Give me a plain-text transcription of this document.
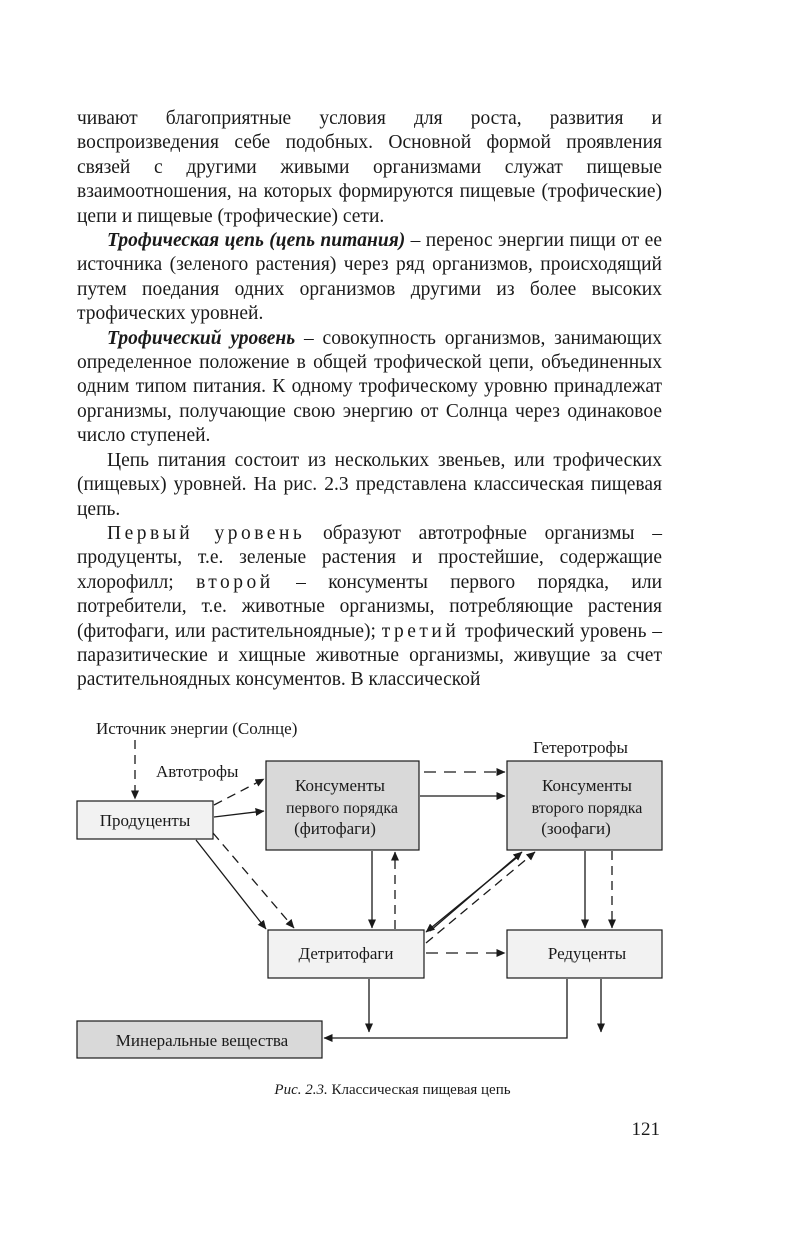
чивают благоприятные условия для роста, развития и воспроизведения себе подобных. Основной формой проявления связей с другими живыми организмами служат пищевые взаимоотношения, на которых формируются пищевые (трофические) цепи и пищевые (трофические) сети.

Трофическая цепь (цепь питания) – перенос энергии пищи от ее источника (зеленого растения) через ряд организмов, происходящий путем поедания одних организмов другими из более высоких трофических уровней.

Трофический уровень – совокупность организмов, занимающих определенное положение в общей трофической цепи, объединенных одним типом питания. К одному трофическому уровню принадлежат организмы, получающие свою энергию от Солнца через одинаковое число ступеней.

Цепь питания состоит из нескольких звеньев, или трофических (пищевых) уровней. На рис. 2.3 представлена классическая пищевая цепь.

Первый уровень образуют автотрофные организмы – продуценты, т.е. зеленые растения и простейшие, содержащие хлорофилл; второй – консументы первого порядка, или потребители, т.е. животные организмы, потребляющие растения (фитофаги, или растительноядные); третий трофический уровень – паразитические и хищные животные организмы, живущие за счет растительноядных консументов. В классической

Источник энергии (Солнце)
Автотрофы
Гетеротрофы
Продуценты
Консументы
первого порядка
(фитофаги)
Консументы
второго порядка
(зоофаги)
Детритофаги	Редуценты
Минеральные вещества
Рис. 2.3. Классическая пищевая цепь
121
